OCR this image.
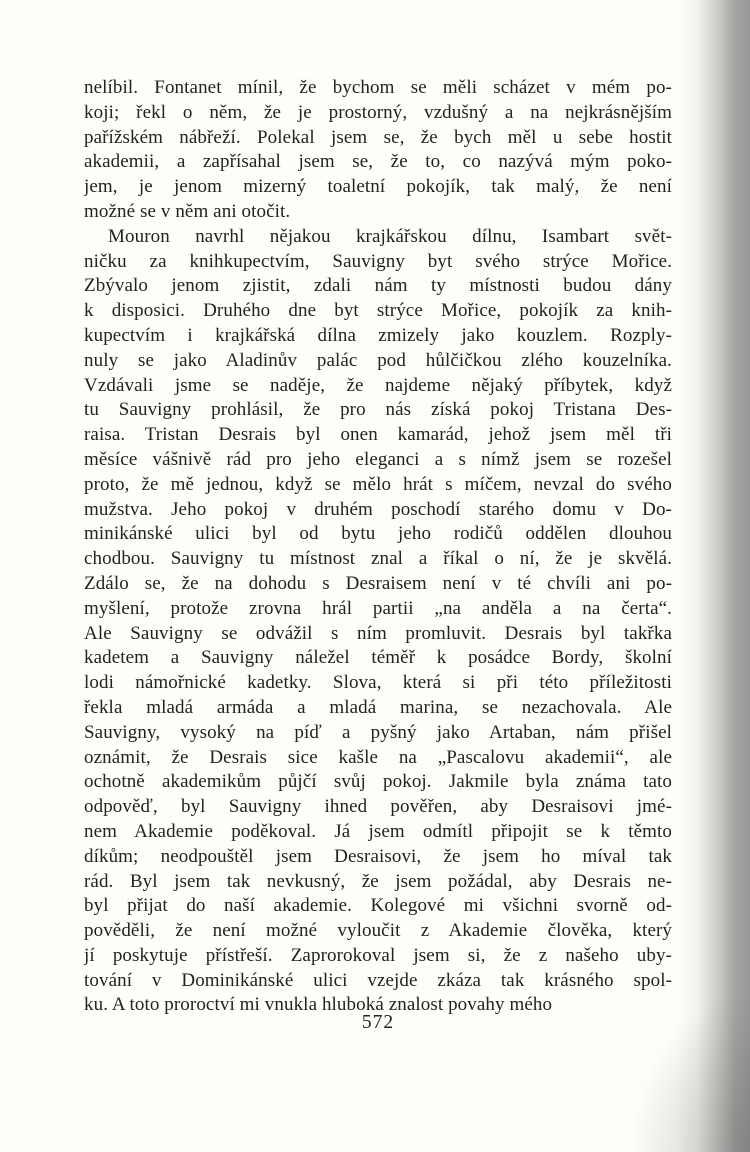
nelíbil. Fontanet mínil, že bychom se měli scházet v mém po-
koji; řekl o něm, že je prostorný, vzdušný a na nejkrásnějším
pařížském nábřeží. Polekal jsem se, že bych měl u sebe hostit
akademii, a zapřísahal jsem se, že to, co nazývá mým poko-
jem, je jenom mizerný toaletní pokojík, tak malý, že není
možné se v něm ani otočit.
Mouron navrhl nějakou krajkářskou dílnu, Isambart svět-
ničku za knihkupectvím, Sauvigny byt svého strýce Mořice.
Zbývalo jenom zjistit, zdali nám ty místnosti budou dány
k disposici. Druhého dne byt strýce Mořice, pokojík za knih-
kupectvím i krajkářská dílna zmizely jako kouzlem. Rozply-
nuly se jako Aladinův palác pod hůlčičkou zlého kouzelníka.
Vzdávali jsme se naděje, že najdeme nějaký příbytek, když
tu Sauvigny prohlásil, že pro nás získá pokoj Tristana Des-
raisa. Tristan Desrais byl onen kamarád, jehož jsem měl tři
měsíce vášnivě rád pro jeho eleganci a s nímž jsem se rozešel
proto, že mě jednou, když se mělo hrát s míčem, nevzal do svého
mužstva. Jeho pokoj v druhém poschodí starého domu v Do-
minikánské ulici byl od bytu jeho rodičů oddělen dlouhou
chodbou. Sauvigny tu místnost znal a říkal o ní, že je skvělá.
Zdálo se, že na dohodu s Desraisem není v té chvíli ani po-
myšlení, protože zrovna hrál partii „na anděla a na čerta“.
Ale Sauvigny se odvážil s ním promluvit. Desrais byl takřka
kadetem a Sauvigny náležel téměř k posádce Bordy, školní
lodi námořnické kadetky. Slova, která si při této příležitosti
řekla mladá armáda a mladá marina, se nezachovala. Ale
Sauvigny, vysoký na píď a pyšný jako Artaban, nám přišel
oznámit, že Desrais sice kašle na „Pascalovu akademii“, ale
ochotně akademikům půjčí svůj pokoj. Jakmile byla známa tato
odpověď, byl Sauvigny ihned pověřen, aby Desraisovi jmé-
nem Akademie poděkoval. Já jsem odmítl připojit se k těmto
díkům; neodpouštěl jsem Desraisovi, že jsem ho míval tak
rád. Byl jsem tak nevkusný, že jsem požádal, aby Desrais ne-
byl přijat do naší akademie. Kolegové mi všichni svorně od-
pověděli, že není možné vyloučit z Akademie člověka, který
jí poskytuje přístřeší. Zaprorokoval jsem si, že z našeho uby-
tování v Dominikánské ulici vzejde zkáza tak krásného spol-
ku. A toto proroctví mi vnukla hluboká znalost povahy mého
572
